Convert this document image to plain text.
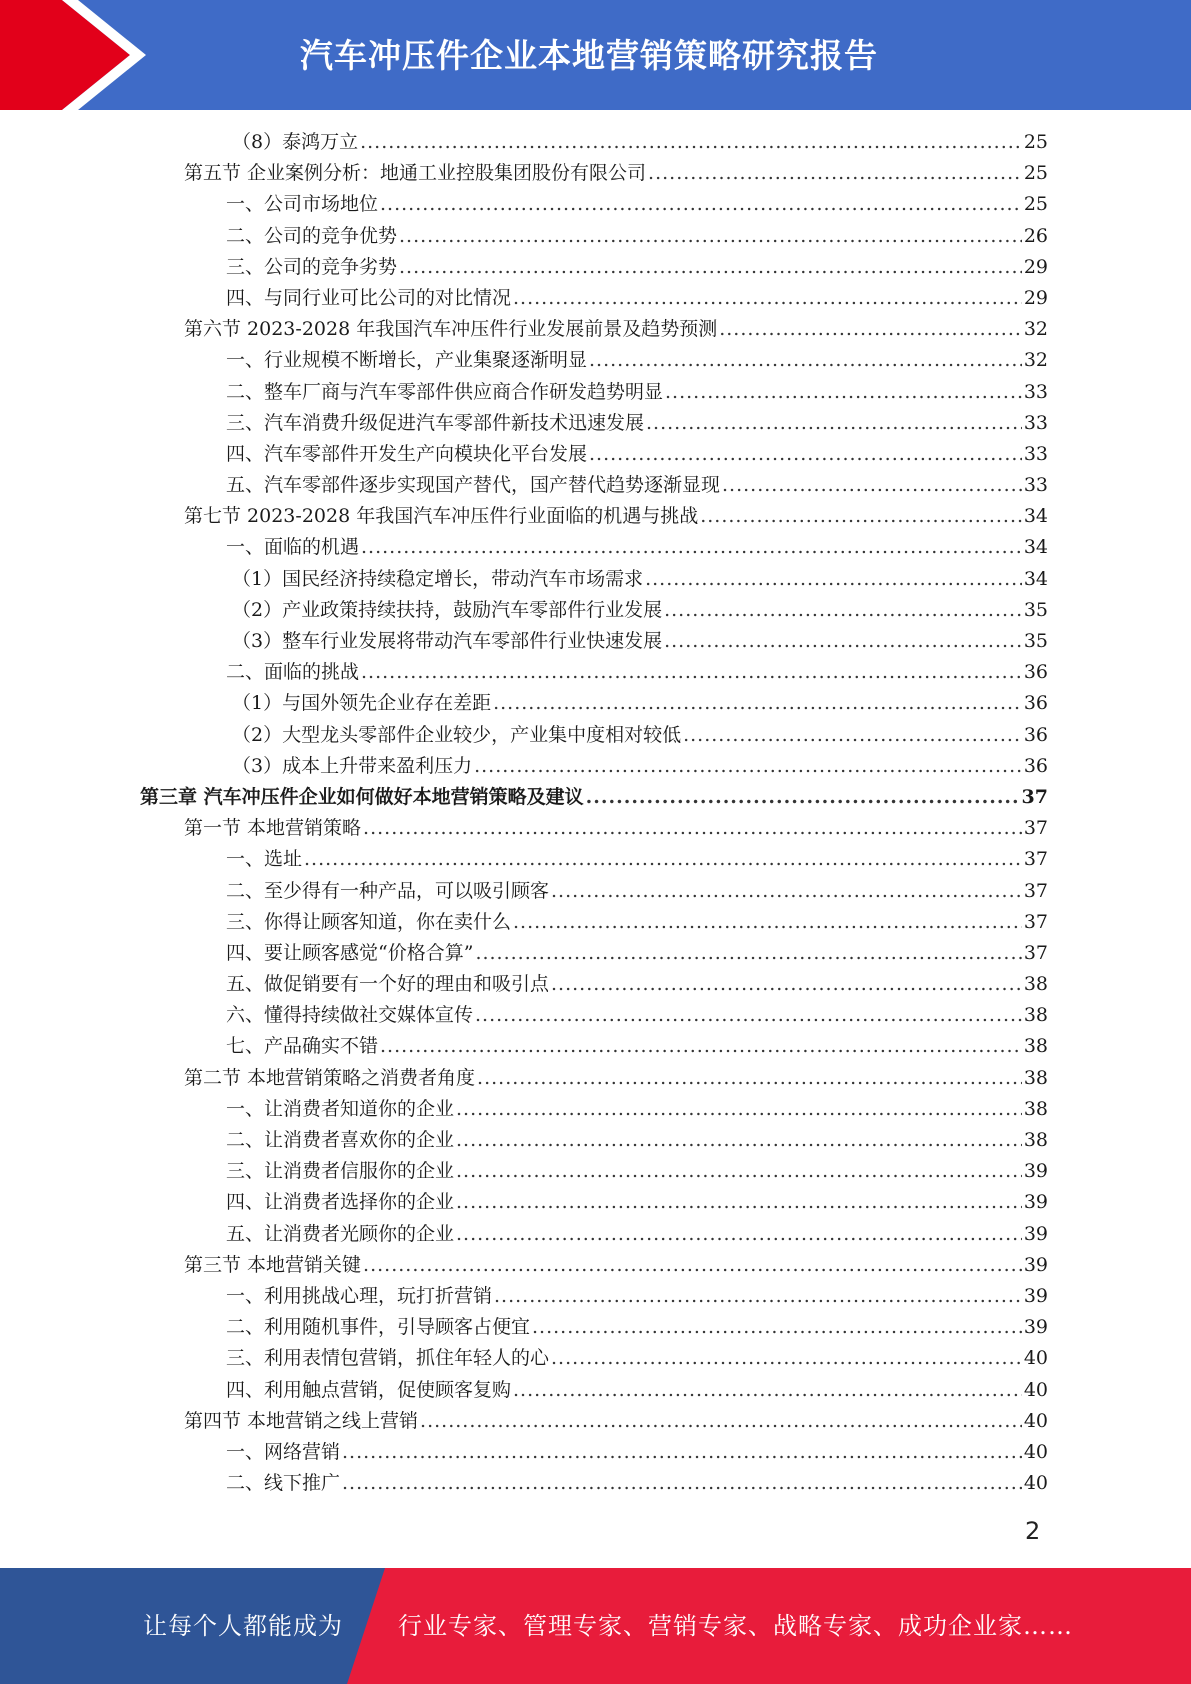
汽车冲压件企业本地营销策略研究报告
（8）泰鸿万立 .....	25
第五节 企业案例分析：地通工业控股集团股份有限公司 .....	25
一、公司市场地位 .....	25
二、公司的竞争优势 .....	26
三、公司的竞争劣势 .....	29
四、与同行业可比公司的对比情况 .....	29
第六节 2023-2028 年我国汽车冲压件行业发展前景及趋势预测 .....	32
一、行业规模不断增长，产业集聚逐渐明显 .....	32
二、整车厂商与汽车零部件供应商合作研发趋势明显 .....	33
三、汽车消费升级促进汽车零部件新技术迅速发展 .....	33
四、汽车零部件开发生产向模块化平台发展 .....	33
五、汽车零部件逐步实现国产替代，国产替代趋势逐渐显现 .....	33
第七节 2023-2028 年我国汽车冲压件行业面临的机遇与挑战 .....	34
一、面临的机遇 .....	34
（1）国民经济持续稳定增长，带动汽车市场需求 .....	34
（2）产业政策持续扶持，鼓励汽车零部件行业发展 .....	35
（3）整车行业发展将带动汽车零部件行业快速发展 .....	35
二、面临的挑战 .....	36
（1）与国外领先企业存在差距 .....	36
（2）大型龙头零部件企业较少，产业集中度相对较低 .....	36
（3）成本上升带来盈利压力 .....	36
第三章 汽车冲压件企业如何做好本地营销策略及建议 .....	37
第一节 本地营销策略 .....	37
一、选址 .....	37
二、至少得有一种产品，可以吸引顾客 .....	37
三、你得让顾客知道，你在卖什么 .....	37
四、要让顾客感觉“价格合算” .....	37
五、做促销要有一个好的理由和吸引点 .....	38
六、懂得持续做社交媒体宣传 .....	38
七、产品确实不错 .....	38
第二节 本地营销策略之消费者角度 .....	38
一、让消费者知道你的企业 .....	38
二、让消费者喜欢你的企业 .....	38
三、让消费者信服你的企业 .....	39
四、让消费者选择你的企业 .....	39
五、让消费者光顾你的企业 .....	39
第三节 本地营销关键 .....	39
一、利用挑战心理，玩打折营销 .....	39
二、利用随机事件，引导顾客占便宜 .....	39
三、利用表情包营销，抓住年轻人的心 .....	40
四、利用触点营销，促使顾客复购 .....	40
第四节 本地营销之线上营销 .....	40
一、网络营销 .....	40
二、线下推广 .....	40
2
让每个人都能成为 行业专家、管理专家、营销专家、战略专家、成功企业家……
